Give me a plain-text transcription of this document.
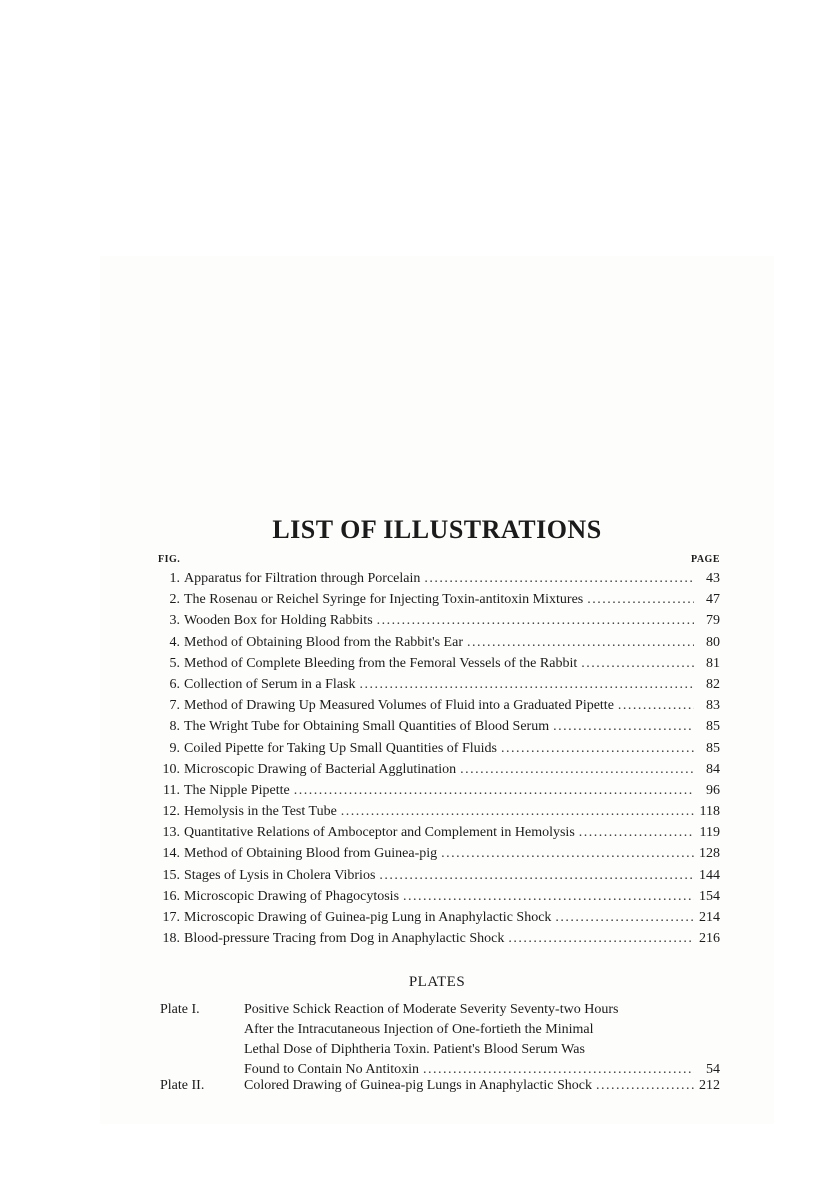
LIST OF ILLUSTRATIONS
FIG.	PAGE
1. Apparatus for Filtration through Porcelain . . .	43
2. The Rosenau or Reichel Syringe for Injecting Toxin-antitoxin Mixtures . . .	47
3. Wooden Box for Holding Rabbits . . .	79
4. Method of Obtaining Blood from the Rabbit's Ear . . .	80
5. Method of Complete Bleeding from the Femoral Vessels of the Rabbit . . .	81
6. Collection of Serum in a Flask . . .	82
7. Method of Drawing Up Measured Volumes of Fluid into a Graduated Pipette . . .	83
8. The Wright Tube for Obtaining Small Quantities of Blood Serum . . .	85
9. Coiled Pipette for Taking Up Small Quantities of Fluids . . .	85
10. Microscopic Drawing of Bacterial Agglutination . . .	84
11. The Nipple Pipette . . .	96
12. Hemolysis in the Test Tube . . .	118
13. Quantitative Relations of Amboceptor and Complement in Hemolysis . . .	119
14. Method of Obtaining Blood from Guinea-pig . . .	128
15. Stages of Lysis in Cholera Vibrios . . .	144
16. Microscopic Drawing of Phagocytosis . . .	154
17. Microscopic Drawing of Guinea-pig Lung in Anaphylactic Shock . . .	214
18. Blood-pressure Tracing from Dog in Anaphylactic Shock . . .	216
PLATES
Plate I.	Positive Schick Reaction of Moderate Severity Seventy-two Hours
After the Intracutaneous Injection of One-fortieth the Minimal
Lethal Dose of Diphtheria Toxin. Patient's Blood Serum Was
Found to Contain No Antitoxin . . .	54
Plate II.	Colored Drawing of Guinea-pig Lungs in Anaphylactic Shock . . .	212
